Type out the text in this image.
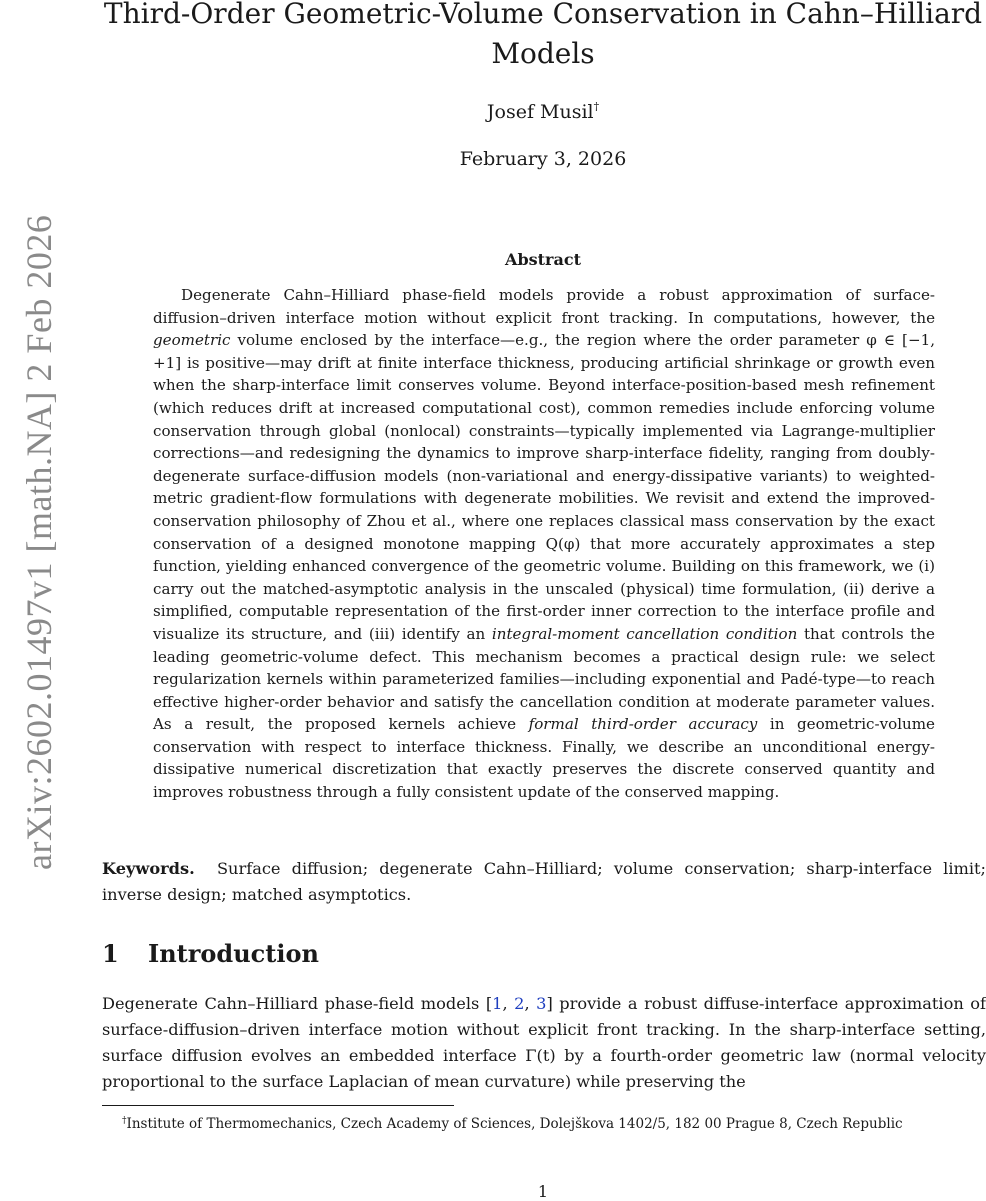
arXiv:2602.01497v1 [math.NA] 2 Feb 2026
Third-Order Geometric-Volume Conservation in Cahn–Hilliard Models
Josef Musil†
February 3, 2026
Abstract

Degenerate Cahn–Hilliard phase-field models provide a robust approximation of surface-diffusion–driven interface motion without explicit front tracking. In computations, however, the geometric volume enclosed by the interface—e.g., the region where the order parameter φ ∈ [−1, +1] is positive—may drift at finite interface thickness, producing artificial shrinkage or growth even when the sharp-interface limit conserves volume. Beyond interface-position-based mesh refinement (which reduces drift at increased computational cost), common remedies include enforcing volume conservation through global (nonlocal) constraints—typically implemented via Lagrange-multiplier corrections—and redesigning the dynamics to improve sharp-interface fidelity, ranging from doubly-degenerate surface-diffusion models (non-variational and energy-dissipative variants) to weighted-metric gradient-flow formulations with degenerate mobilities. We revisit and extend the improved-conservation philosophy of Zhou et al., where one replaces classical mass conservation by the exact conservation of a designed monotone mapping Q(φ) that more accurately approximates a step function, yielding enhanced convergence of the geometric volume. Building on this framework, we (i) carry out the matched-asymptotic analysis in the unscaled (physical) time formulation, (ii) derive a simplified, computable representation of the first-order inner correction to the interface profile and visualize its structure, and (iii) identify an integral-moment cancellation condition that controls the leading geometric-volume defect. This mechanism becomes a practical design rule: we select regularization kernels within parameterized families—including exponential and Padé-type—to reach effective higher-order behavior and satisfy the cancellation condition at moderate parameter values. As a result, the proposed kernels achieve formal third-order accuracy in geometric-volume conservation with respect to interface thickness. Finally, we describe an unconditional energy-dissipative numerical discretization that exactly preserves the discrete conserved quantity and improves robustness through a fully consistent update of the conserved mapping.

Keywords. Surface diffusion; degenerate Cahn–Hilliard; volume conservation; sharp-interface limit; inverse design; matched asymptotics.

1 Introduction

Degenerate Cahn–Hilliard phase-field models [1, 2, 3] provide a robust diffuse-interface approximation of surface-diffusion–driven interface motion without explicit front tracking. In the sharp-interface setting, surface diffusion evolves an embedded interface Γ(t) by a fourth-order geometric law (normal velocity proportional to the surface Laplacian of mean curvature) while preserving the

†Institute of Thermomechanics, Czech Academy of Sciences, Dolejškova 1402/5, 182 00 Prague 8, Czech Republic
1
